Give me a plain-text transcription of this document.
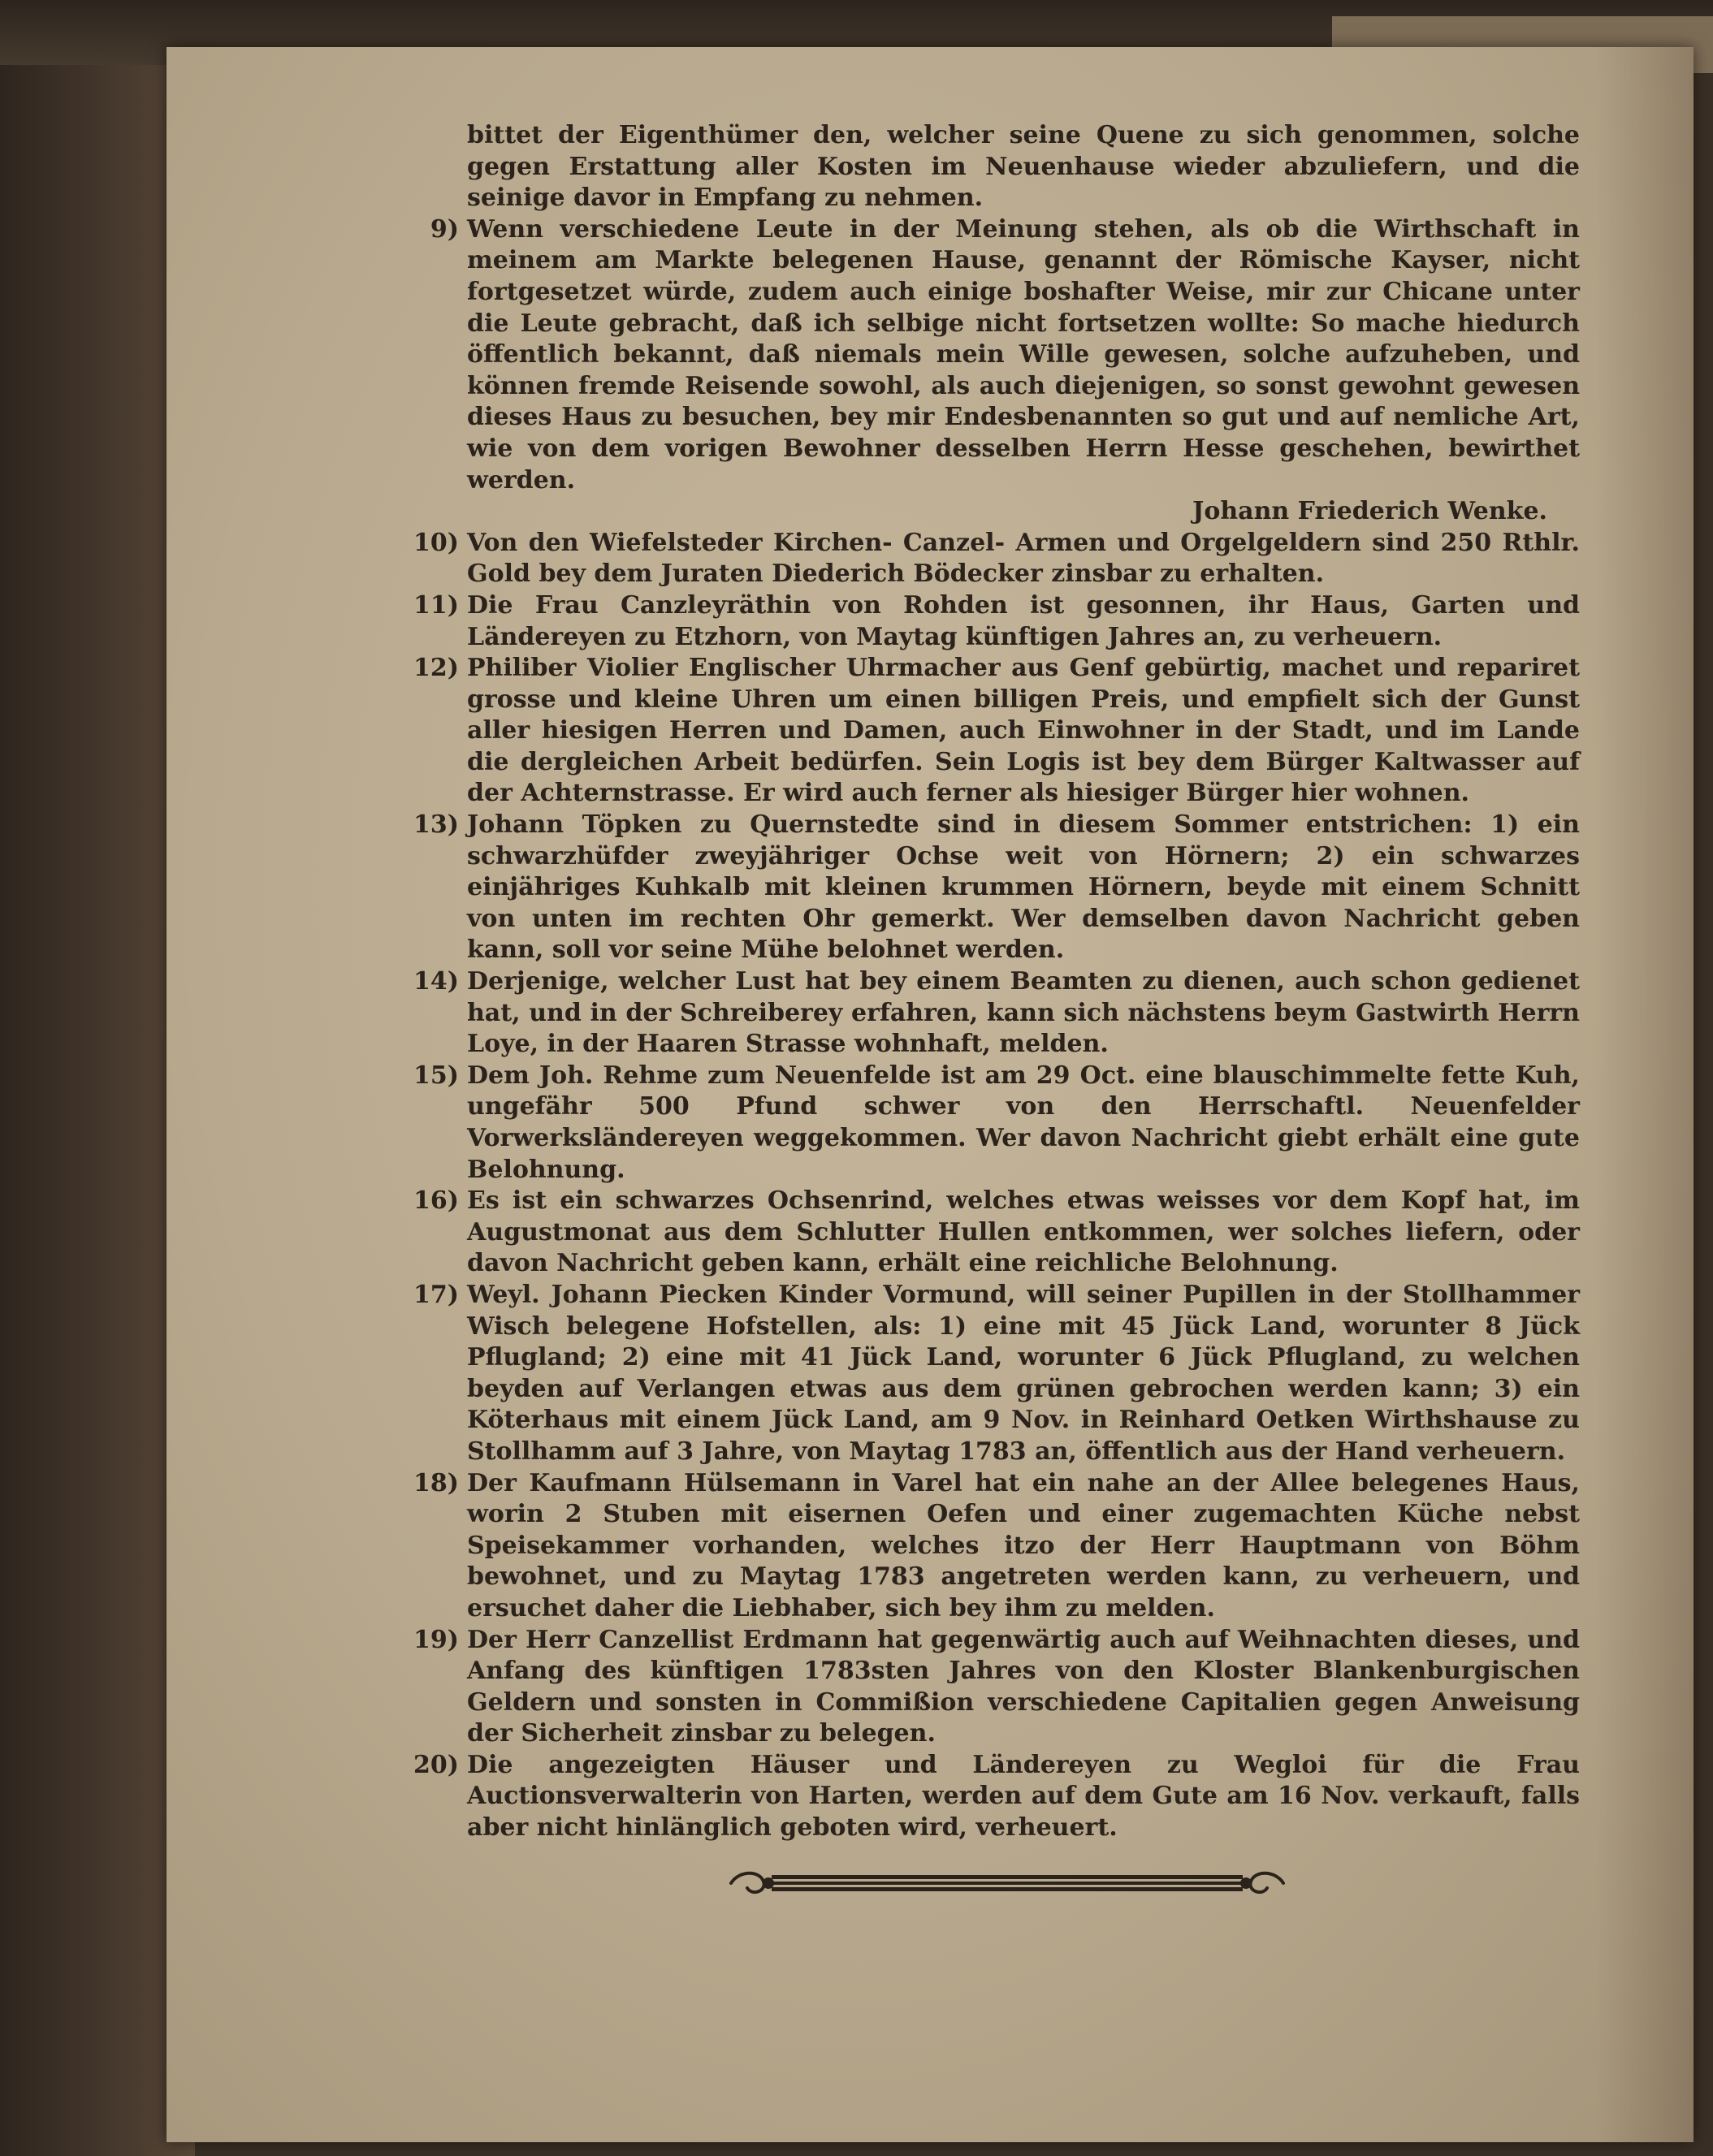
bittet der Eigenthümer den, welcher seine Quene zu sich genommen, solche gegen Erstattung aller Kosten im Neuenhause wieder abzuliefern, und die seinige davor in Empfang zu nehmen.

9) Wenn verschiedene Leute in der Meinung stehen, als ob die Wirthschaft in meinem am Markte belegenen Hause, genannt der Römische Kayser, nicht fortgesetzet würde, zudem auch einige boshafter Weise, mir zur Chicane unter die Leute gebracht, daß ich selbige nicht fortsetzen wollte: So mache hiedurch öffentlich bekannt, daß niemals mein Wille gewesen, solche aufzuheben, und können fremde Reisende sowohl, als auch diejenigen, so sonst gewohnt gewesen dieses Haus zu besuchen, bey mir Endesbenannten so gut und auf nemliche Art, wie von dem vorigen Bewohner desselben Herrn Hesse geschehen, bewirthet werden.
Johann Friederich Wenke.

10) Von den Wiefelsteder Kirchen- Canzel- Armen und Orgelgeldern sind 250 Rthlr. Gold bey dem Juraten Diederich Bödecker zinsbar zu erhalten.

11) Die Frau Canzleyräthin von Rohden ist gesonnen, ihr Haus, Garten und Ländereyen zu Etzhorn, von Maytag künftigen Jahres an, zu verheuern.

12) Philiber Violier Englischer Uhrmacher aus Genf gebürtig, machet und repariret grosse und kleine Uhren um einen billigen Preis, und empfielt sich der Gunst aller hiesigen Herren und Damen, auch Einwohner in der Stadt, und im Lande die dergleichen Arbeit bedürfen. Sein Logis ist bey dem Bürger Kaltwasser auf der Achternstrasse. Er wird auch ferner als hiesiger Bürger hier wohnen.

13) Johann Töpken zu Quernstedte sind in diesem Sommer entstrichen: 1) ein schwarzhüfder zweyjähriger Ochse weit von Hörnern; 2) ein schwarzes einjähriges Kuhkalb mit kleinen krummen Hörnern, beyde mit einem Schnitt von unten im rechten Ohr gemerkt. Wer demselben davon Nachricht geben kann, soll vor seine Mühe belohnet werden.

14) Derjenige, welcher Lust hat bey einem Beamten zu dienen, auch schon gedienet hat, und in der Schreiberey erfahren, kann sich nächstens beym Gastwirth Herrn Loye, in der Haaren Strasse wohnhaft, melden.

15) Dem Joh. Rehme zum Neuenfelde ist am 29 Oct. eine blauschimmelte fette Kuh, ungefähr 500 Pfund schwer von den Herrschaftl. Neuenfelder Vorwerksländereyen weggekommen. Wer davon Nachricht giebt erhält eine gute Belohnung.

16) Es ist ein schwarzes Ochsenrind, welches etwas weisses vor dem Kopf hat, im Augustmonat aus dem Schlutter Hullen entkommen, wer solches liefern, oder davon Nachricht geben kann, erhält eine reichliche Belohnung.

17) Weyl. Johann Piecken Kinder Vormund, will seiner Pupillen in der Stollhammer Wisch belegene Hofstellen, als: 1) eine mit 45 Jück Land, worunter 8 Jück Pflugland; 2) eine mit 41 Jück Land, worunter 6 Jück Pflugland, zu welchen beyden auf Verlangen etwas aus dem grünen gebrochen werden kann; 3) ein Köterhaus mit einem Jück Land, am 9 Nov. in Reinhard Oetken Wirthshause zu Stollhamm auf 3 Jahre, von Maytag 1783 an, öffentlich aus der Hand verheuern.

18) Der Kaufmann Hülsemann in Varel hat ein nahe an der Allee belegenes Haus, worin 2 Stuben mit eisernen Oefen und einer zugemachten Küche nebst Speisekammer vorhanden, welches itzo der Herr Hauptmann von Böhm bewohnet, und zu Maytag 1783 angetreten werden kann, zu verheuern, und ersuchet daher die Liebhaber, sich bey ihm zu melden.

19) Der Herr Canzellist Erdmann hat gegenwärtig auch auf Weihnachten dieses, und Anfang des künftigen 1783sten Jahres von den Kloster Blankenburgischen Geldern und sonsten in Commißion verschiedene Capitalien gegen Anweisung der Sicherheit zinsbar zu belegen.

20) Die angezeigten Häuser und Ländereyen zu Wegloi für die Frau Auctionsverwalterin von Harten, werden auf dem Gute am 16 Nov. verkauft, falls aber nicht hinlänglich geboten wird, verheuert.
